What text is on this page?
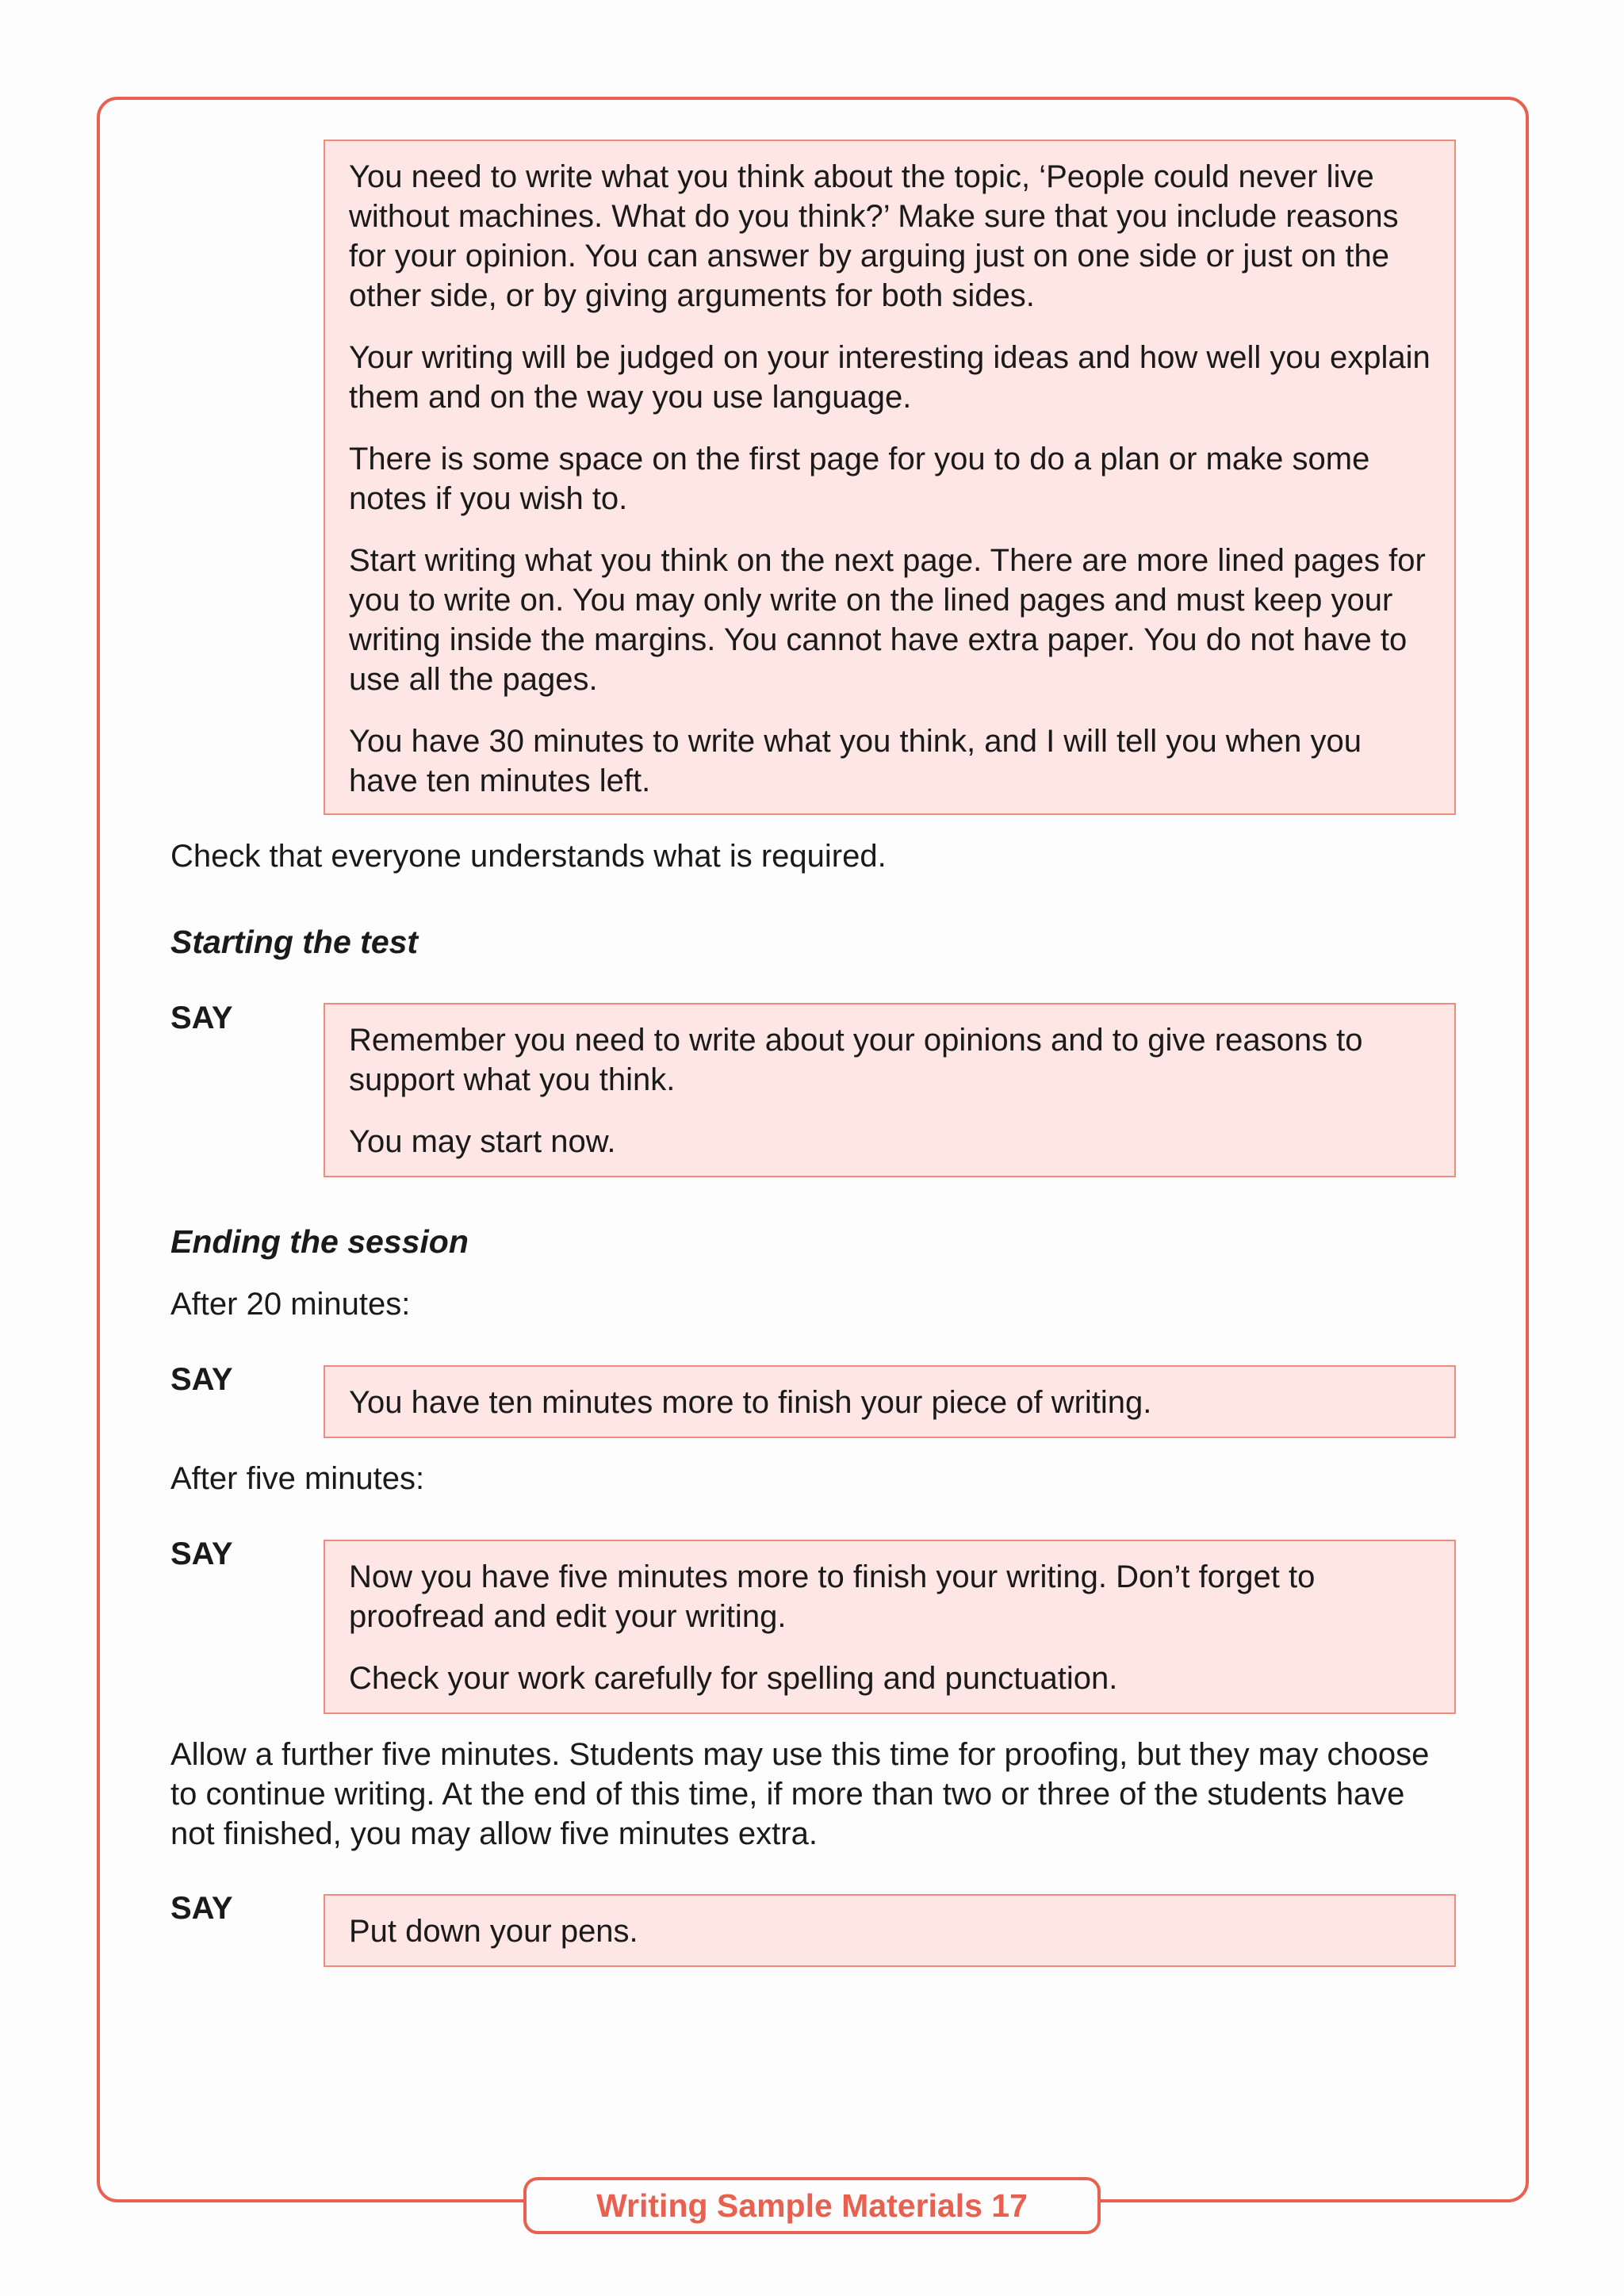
You need to write what you think about the topic, ‘People could never live without machines. What do you think?’ Make sure that you include reasons for your opinion. You can answer by arguing just on one side or just on the other side, or by giving arguments for both sides.

Your writing will be judged on your interesting ideas and how well you explain them and on the way you use language.

There is some space on the first page for you to do a plan or make some notes if you wish to.

Start writing what you think on the next page. There are more lined pages for you to write on. You may only write on the lined pages and must keep your writing inside the margins. You cannot have extra paper. You do not have to use all the pages.

You have 30 minutes to write what you think, and I will tell you when you have ten minutes left.

Check that everyone understands what is required.
Starting the test
SAY

Remember you need to write about your opinions and to give reasons to support what you think.

You may start now.

Ending the session
After 20 minutes:
SAY

You have ten minutes more to finish your piece of writing.

After five minutes:
SAY

Now you have five minutes more to finish your writing. Don’t forget to proofread and edit your writing.

Check your work carefully for spelling and punctuation.

Allow a further five minutes. Students may use this time for proofing, but they may choose to continue writing. At the end of this time, if more than two or three of the students have not finished, you may allow five minutes extra.
SAY

Put down your pens.

Writing Sample Materials 17
